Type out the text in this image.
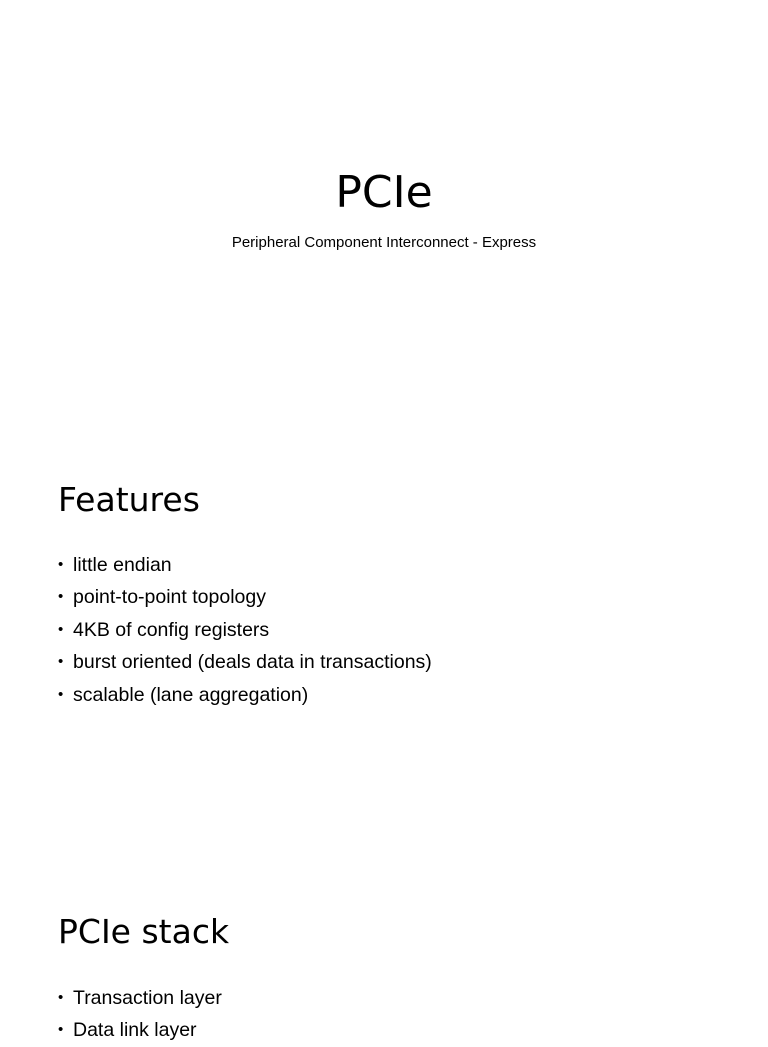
PCIe

Peripheral Component Interconnect - Express

Features
• little endian
• point-to-point topology
• 4KB of config registers
• burst oriented (deals data in transactions)
• scalable (lane aggregation)
PCIe stack
• Transaction layer
• Data link layer
